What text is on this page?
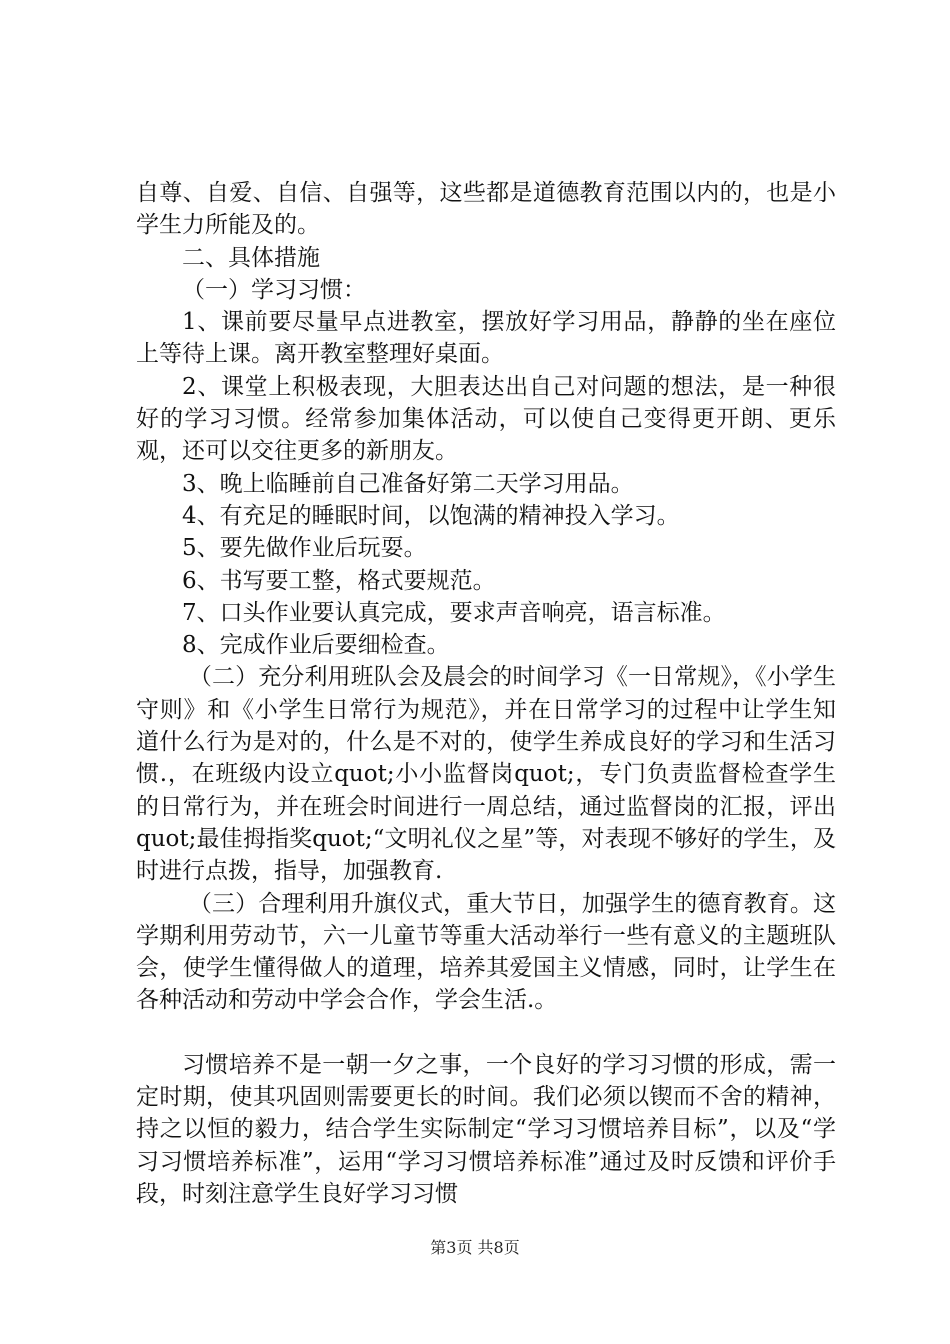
自尊、自爱、自信、自强等，这些都是道德教育范围以内的，也是小学生力所能及的。

二、具体措施

（一）学习习惯：

1、课前要尽量早点进教室，摆放好学习用品，静静的坐在座位上等待上课。离开教室整理好桌面。

2、课堂上积极表现，大胆表达出自己对问题的想法，是一种很好的学习习惯。经常参加集体活动，可以使自己变得更开朗、更乐观，还可以交往更多的新朋友。

3、晚上临睡前自己准备好第二天学习用品。

4、有充足的睡眠时间，以饱满的精神投入学习。

5、要先做作业后玩耍。

6、书写要工整，格式要规范。

7、口头作业要认真完成，要求声音响亮，语言标准。

8、完成作业后要细检查。

（二）充分利用班队会及晨会的时间学习《一日常规》，《小学生守则》和《小学生日常行为规范》，并在日常学习的过程中让学生知道什么行为是对的，什么是不对的，使学生养成良好的学习和生活习惯.，在班级内设立quot;小小监督岗quot;，专门负责监督检查学生的日常行为，并在班会时间进行一周总结，通过监督岗的汇报，评出quot;最佳拇指奖quot;“文明礼仪之星”等，对表现不够好的学生，及时进行点拨，指导，加强教育.

（三）合理利用升旗仪式，重大节日，加强学生的德育教育。这学期利用劳动节，六一儿童节等重大活动举行一些有意义的主题班队会，使学生懂得做人的道理，培养其爱国主义情感，同时，让学生在各种活动和劳动中学会合作，学会生活.。

习惯培养不是一朝一夕之事，一个良好的学习习惯的形成，需一定时期，使其巩固则需要更长的时间。我们必须以锲而不舍的精神，持之以恒的毅力，结合学生实际制定“学习习惯培养目标”，以及“学习习惯培养标准”，运用“学习习惯培养标准”通过及时反馈和评价手段，时刻注意学生良好学习习惯

第3页 共8页
